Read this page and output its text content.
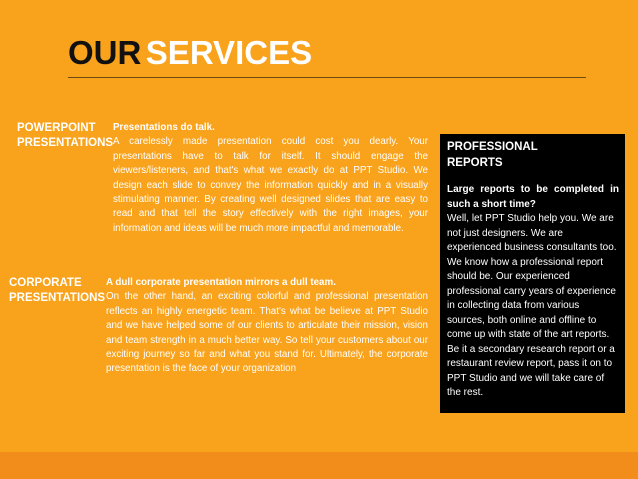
OUR SERVICES
POWERPOINT
PRESENTATIONS
Presentations do talk.
A carelessly made presentation could cost you dearly. Your presentations have to talk for itself. It should engage the viewers/listeners, and that's what we exactly do at PPT Studio. We design each slide to convey the information quickly and in a visually stimulating manner. By creating well designed slides that are easy to read and that tell the story effectively with the right images, your information and ideas will be much more impactful and memorable.
CORPORATE
PRESENTATIONS
A dull corporate presentation mirrors a dull team.
On the other hand, an exciting colorful and professional presentation reflects an highly energetic team. That's what be believe at PPT Studio and we have helped some of our clients to articulate their mission, vision and team strength in a much better way. So tell your customers about our exciting journey so far and what you stand for. Ultimately, the corporate presentation is the face of your organization
PROFESSIONAL
REPORTS
Large reports to be completed in such a short time?
Well, let PPT Studio help you. We are not just designers. We are experienced business consultants too. We know how a professional report should be. Our experienced professional carry years of experience in collecting data from various sources, both online and offline to come up with state of the art reports. Be it a secondary research report or a restaurant review report, pass it on to PPT Studio and we will take care of the rest.
